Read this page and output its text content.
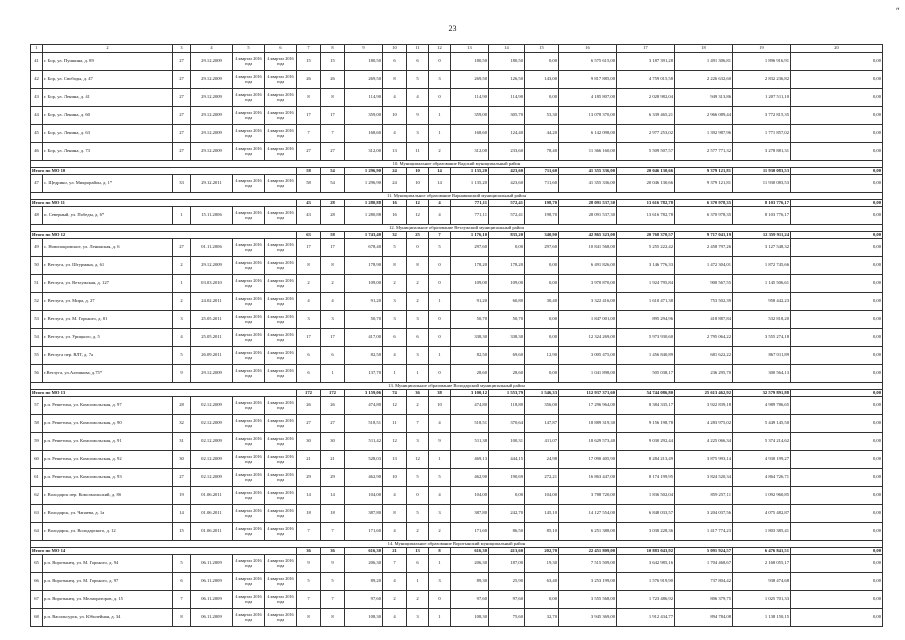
ʺ
23
1	2	3	4	5	6	7	8	9	10	11	12	13	14	15	16	17	18	19	20
41	г. Бор, ул. Пушкина, д. 89	27	29.12.2009	4 квартал 2016 года	4 квартал 2016 года	15	15	180,50	6	6	0	180,50	180,50	0,00	6 575 615,00	3 187 391,28	1 491 306,81	1 896 916,91	0,00
42	г. Бор, ул. Свободы, д. 47	27	29.12.2009	4 квартал 2016 года	4 квартал 2016 года	26	26	269,50	8	5	3	269,50	126,50	143,00	9 817 885,00	4 759 015,58	2 226 632,60	2 832 236,82	0,00
43	г. Бор, ул. Ленина, д. 41	27	29.12.2009	4 квартал 2016 года	4 квартал 2016 года	8	8	114,90	4	4	0	114,90	114,90	0,00	4 185 807,00	2 028 982,04	949 313,86	1 207 511,10	0,00
44	г. Бор, ул. Ленина, д. 60	27	29.12.2009	4 квартал 2016 года	4 квартал 2016 года	17	17	359,00	10	9	1	359,00	305,70	53,30	13 078 370,00	6 339 465,21	2 966 089,44	3 772 815,35	0,00
45	г. Бор, ул. Ленина, д. 63	27	29.12.2009	4 квартал 2016 года	4 квартал 2016 года	7	7	168,60	4	3	1	168,60	124,40	44,20	6 142 098,00	2 977 253,02	1 392 987,96	1 771 857,02	0,00
46	г. Бор, ул. Ленина, д. 73	27	29.12.2009	4 квартал 2016 года	4 квартал 2016 года	27	27	312,00	13	11	2	312,00	233,60	78,40	11 366 160,00	5 509 507,57	2 577 771,32	3 278 881,31	0,00
10. Муниципальное образование Вадский муниципальный район																			
Итого по МО 10						58	54	1 296,90	24	10	14	1 135,20	423,60	711,60	41 355 336,00	20 046 130,66	9 379 121,81	11 930 083,53	0,00
47	с. Щедрино, ул. Микрорайон, д. 1*	33	29.12.2011	4 квартал 2016 года	4 квартал 2016 года	58	54	1 296,90	24	10	14	1 135,20	423,60	711,60	41 355 336,00	20 046 130,66	9 379 121,81	11 930 083,53	0,00
11. Муниципальное образование Варнавинский муниципальный район																			
Итого по МО 11						43	28	1 280,88	16	12	4	771,11	572,41	198,70	28 091 537,30	13 616 782,78	6 370 978,35	8 103 776,17	0,00
48	п. Северный, ул. Победы, д. 6*	1	15.11.2006	4 квартал 2016 года	4 квартал 2016 года	43	28	1 280,88	16	12	4	771,11	572,41	198,70	28 091 537,30	13 616 782,78	6 370 978,35	8 103 776,17	0,00
12. Муниципальное образование Ветлужский муниципальный район																			
Итого по МО 12						63	58	1 743,40	32	25	7	1 176,10	835,20	340,90	42 865 323,00	20 768 370,57	9 717 041,19	12 359 911,24	0,00
49	с. Новопокровское, ул. Ленинская, д. 6	27	01.11.2006	4 квартал 2016 года	4 квартал 2016 года	17	17	678,40	5	0	5	297,60	0,00	297,60	10 841 568,00	5 255 222,42	2 458 797,26	3 127 548,32	0,00
50	г. Ветлуга, ул. Штурмана, д. 61	2	29.12.2009	4 квартал 2016 года	4 квартал 2016 года	8	8	178,90	8	8	0	178,20	178,20	0,00	6 491 826,00	3 146 776,33	1 472 304,01	1 872 745,66	0,00
51	г. Ветлуга, ул. Ветлужская, д. 127	1	03.03.2010	4 квартал 2016 года	4 квартал 2016 года	2	2	109,00	2	2	0	109,00	109,00	0,00	3 970 870,00	1 924 795,84	900 567,55	1 145 506,61	0,00
52	г. Ветлуга, ул. Мира, д. 27	2	24.02.2011	4 квартал 2016 года	4 квартал 2016 года	4	4	91,20	3	2	1	91,20	60,80	30,40	3 322 416,00	1 610 471,38	753 502,39	958 442,23	0,00
53	г. Ветлуга, ул. М. Горького, д. 81	3	25.05.2011	4 квартал 2016 года	4 квартал 2016 года	3	3	50,70	3	3	0	50,70	50,70	0,00	1 847 001,00	895 294,96	418 887,84	532 818,20	0,00
54	г. Ветлуга, ул. Урицкого, д. 5	4	25.05.2011	4 квартал 2016 года	4 квартал 2016 года	17	17	417,00	6	6	0	338,30	338,30	0,00	12 324 269,00	5 973 930,60	2 795 064,22	3 555 274,18	0,00
55	г. Ветлуга пер. ВЛТ, д. 7а	5	26.09.2011	4 квартал 2016 года	4 квартал 2016 года	6	6	82,50	4	3	1	82,50	69,60	12,90	3 005 475,00	1 456 840,89	681 622,22	867 011,89	0,00
56	г.Ветлуга, ул.Алешкова, д.75*	9	29.12.2009	4 квартал 2016 года	4 квартал 2016 года	6	1	137,70	1	1	0	28,60	28,60	0,00	1 041 898,00	505 038,17	236 295,70	300 564,13	0,00
13. Муниципальное образование Володарский муниципальный район																			
Итого по МО 13						172	172	3 159,06	74	36	38	3 100,12	1 553,79	1 546,33	112 937 371,60	54 744 086,80	25 613 462,92	32 579 891,88	0,00
57	р.п. Решетиха, ул. Комсомольская, д. 97	28	02.12.2009	4 квартал 2016 года	4 квартал 2016 года	26	26	474,80	12	2	10	474,80	118,80	356,00	17 296 964,00	8 384 335,17	3 922 839,18	4 989 786,65	0,00
58	р.п. Решетиха, ул. Комсомольская, д. 90	32	02.12.2009	4 квартал 2016 года	4 квартал 2016 года	27	27	518,51	11	7	4	518,51	370,64	147,87	18 889 319,30	9 156 198,78	4 283 975,02	5 449 145,50	0,00
59	р.п. Решетиха, ул. Комсомольская, д. 91	31	02.12.2009	4 квартал 2016 года	4 квартал 2016 года	30	30	511,42	12	3	9	511,38	100,31	411,07	18 629 573,40	9 030 292,44	4 225 066,34	5 374 214,62	0,00
60	р.п. Решетиха, ул. Комсомольская, д. 92	30	02.12.2009	4 квартал 2016 года	4 квартал 2016 года	21	21	528,03	13	12	1	469,13	444,15	24,98	17 090 405,90	8 284 213,49	3 875 993,14	4 930 199,27	0,00
61	р.п. Решетиха, ул. Комсомольская, д. 93	27	02.12.2009	4 квартал 2016 года	4 квартал 2016 года	29	29	462,90	10	5	5	462,90	190,69	272,21	16 863 447,00	8 174 199,95	3 824 520,34	4 864 726,71	0,00
62	г. Володарск пер. Комсомольский, д. 8б	19	01.06.2011	4 квартал 2016 года	4 квартал 2016 года	14	14	104,00	4	0	4	104,00	0,00	104,00	3 788 720,00	1 836 502,04	859 257,11	1 092 960,85	0,00
63	г. Володарск, ул. Чапаева, д. 1а	14	01.06.2011	4 квартал 2016 года	4 квартал 2016 года	18	18	387,80	8	5	3	387,80	242,70	145,10	14 127 554,00	6 848 033,57	3 204 037,56	4 075 482,87	0,00
64	г. Володарск, ул. Володарского, д. 12	15	01.06.2011	4 квартал 2016 года	4 квартал 2016 года	7	7	171,60	4	2	2	171,60	86,50	85,10	6 251 388,00	3 030 228,36	1 417 774,23	1 803 385,41	0,00
14. Муниципальное образование Воротынский муниципальный район																			
Итого по МО 14						36	36	616,30	21	13	8	616,30	413,60	202,70	22 451 809,00	10 883 043,92	5 091 924,57	6 476 841,51	0,00
65	р.п. Воротынец, ул. М. Горького, д. 94	5	06.11.2009	4 квартал 2016 года	4 квартал 2016 года	9	9	206,30	7	6	1	206,30	187,00	19,30	7 515 509,00	3 642 985,16	1 704 468,67	2 168 055,17	0,00
66	р.п. Воротынец, ул. М. Горького, д. 97	6	06.11.2009	4 квартал 2016 года	4 квартал 2016 года	5	5	89,20	4	1	3	89,30	25,90	63,40	3 253 199,00	1 576 919,90	737 804,42	938 474,68	0,00
67	р.п. Воротынец, ул. Мелиораторов, д. 15	7	06.11.2009	4 квартал 2016 года	4 квартал 2016 года	7	7	97,60	2	2	0	97,60	97,60	0,00	3 555 568,00	1 723 486,92	806 379,75	1 025 701,33	0,00
68	р.п. Васильсурск, ул. Юбилейная, д. 34	8	06.11.2009	4 квартал 2016 года	4 квартал 2016 года	8	8	108,30	4	3	1	108,30	75,60	32,70	3 945 369,00	1 912 434,77	894 784,08	1 138 150,15	0,00
